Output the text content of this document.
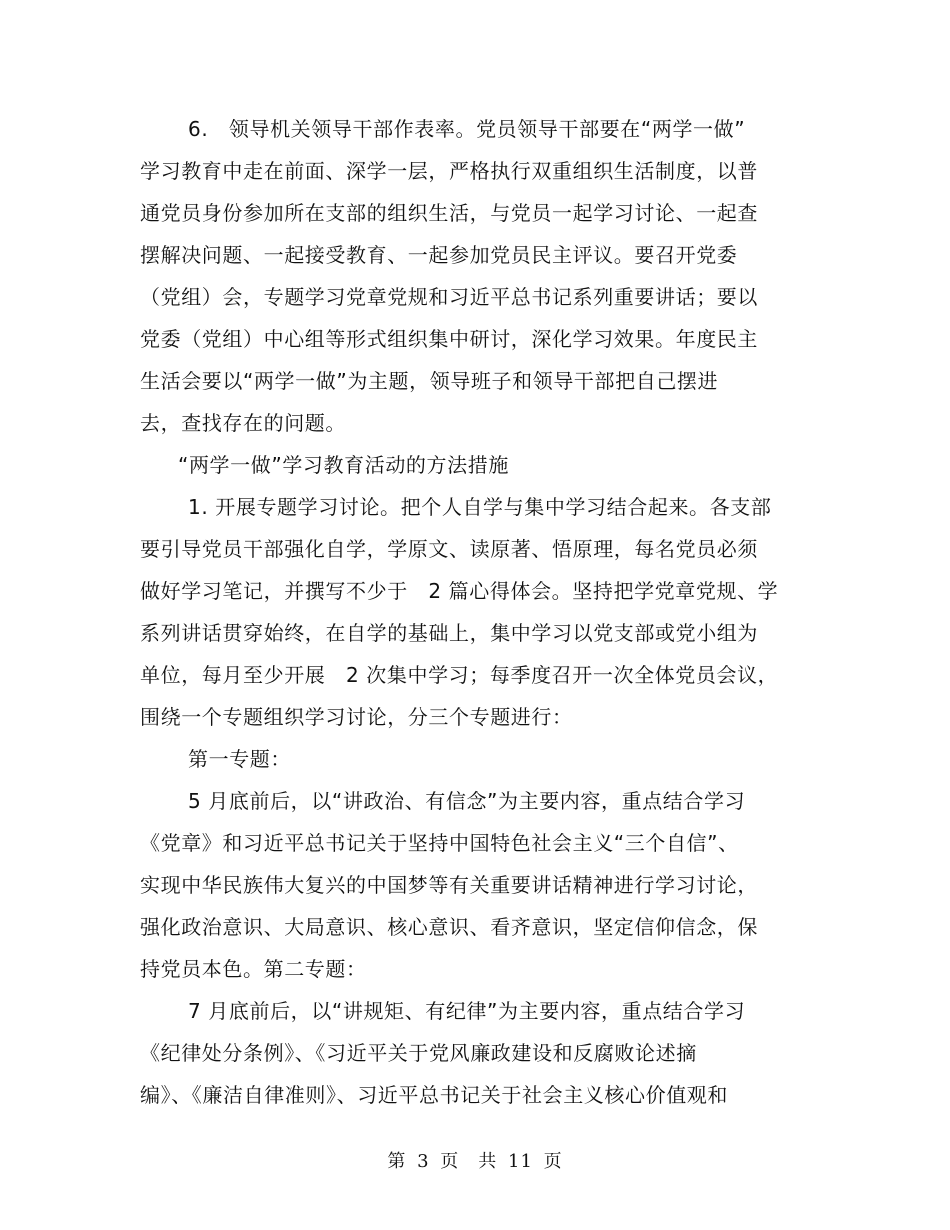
6.　领导机关领导干部作表率。党员领导干部要在“两学一做”
学习教育中走在前面、深学一层，严格执行双重组织生活制度，以普
通党员身份参加所在支部的组织生活，与党员一起学习讨论、一起查
摆解决问题、一起接受教育、一起参加党员民主评议。要召开党委
（党组）会，专题学习党章党规和习近平总书记系列重要讲话；要以
党委（党组）中心组等形式组织集中研讨，深化学习效果。年度民主
生活会要以“两学一做”为主题，领导班子和领导干部把自己摆进
去，查找存在的问题。
“两学一做”学习教育活动的方法措施
1. 开展专题学习讨论。把个人自学与集中学习结合起来。各支部
要引导党员干部强化自学，学原文、读原著、悟原理，每名党员必须
做好学习笔记，并撰写不少于　2 篇心得体会。坚持把学党章党规、学
系列讲话贯穿始终，在自学的基础上，集中学习以党支部或党小组为
单位，每月至少开展　2 次集中学习；每季度召开一次全体党员会议，
围绕一个专题组织学习讨论，分三个专题进行：
第一专题：
5 月底前后，以“讲政治、有信念”为主要内容，重点结合学习
《党章》和习近平总书记关于坚持中国特色社会主义“三个自信”、
实现中华民族伟大复兴的中国梦等有关重要讲话精神进行学习讨论，
强化政治意识、大局意识、核心意识、看齐意识，坚定信仰信念，保
持党员本色。第二专题：
7 月底前后，以“讲规矩、有纪律”为主要内容，重点结合学习
《纪律处分条例》、《习近平关于党风廉政建设和反腐败论述摘
编》、《廉洁自律准则》、习近平总书记关于社会主义核心价值观和
第 3 页　共 11 页
